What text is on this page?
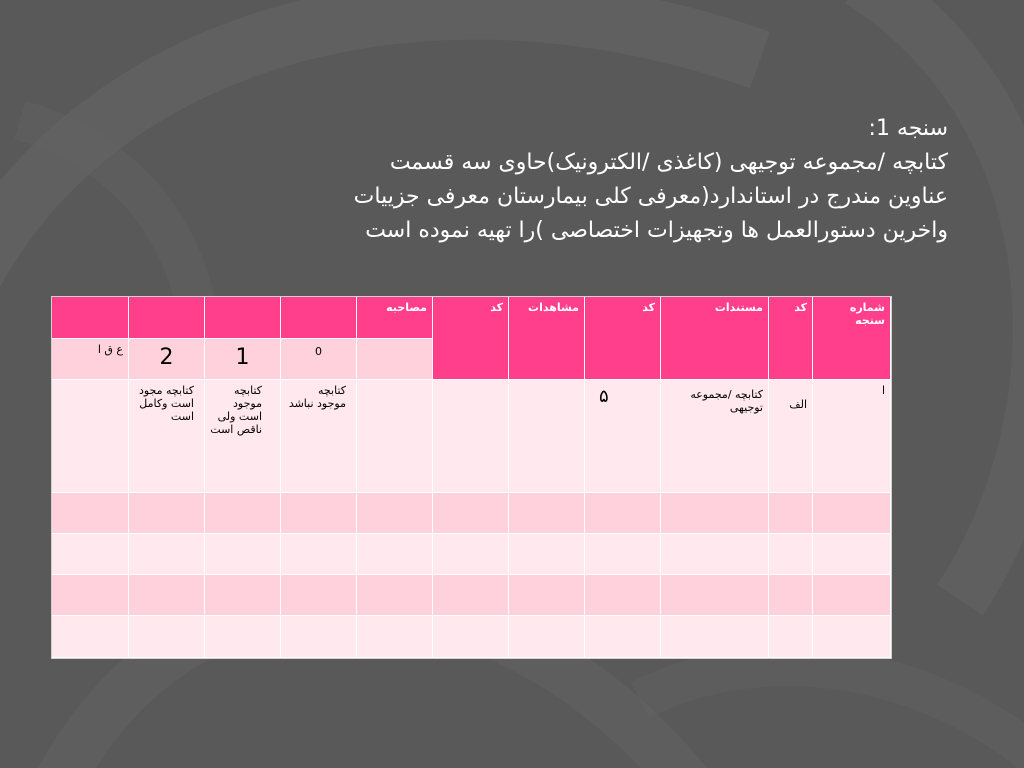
سنجه 1:
کتابچه /مجموعه توجیهی (کاغذی /الکترونیک)حاوی سه قسمت
عناوین مندرج در استاندارد(معرفی کلی بیمارستان معرفی جزییات
واخرین دستورالعمل ها وتجهیزات اختصاصی )را تهیه نموده است
شماره سنجه
کد
مستندات
کد
مشاهدات
کد
مصاحبه
0
1
2
ع ق ا
ا
الف
کتابچه /مجموعه توجیهی
۵
کتابچه موجود نباشد
کتابچه موجود است ولی ناقص است
کتابچه مجود است وکامل است
